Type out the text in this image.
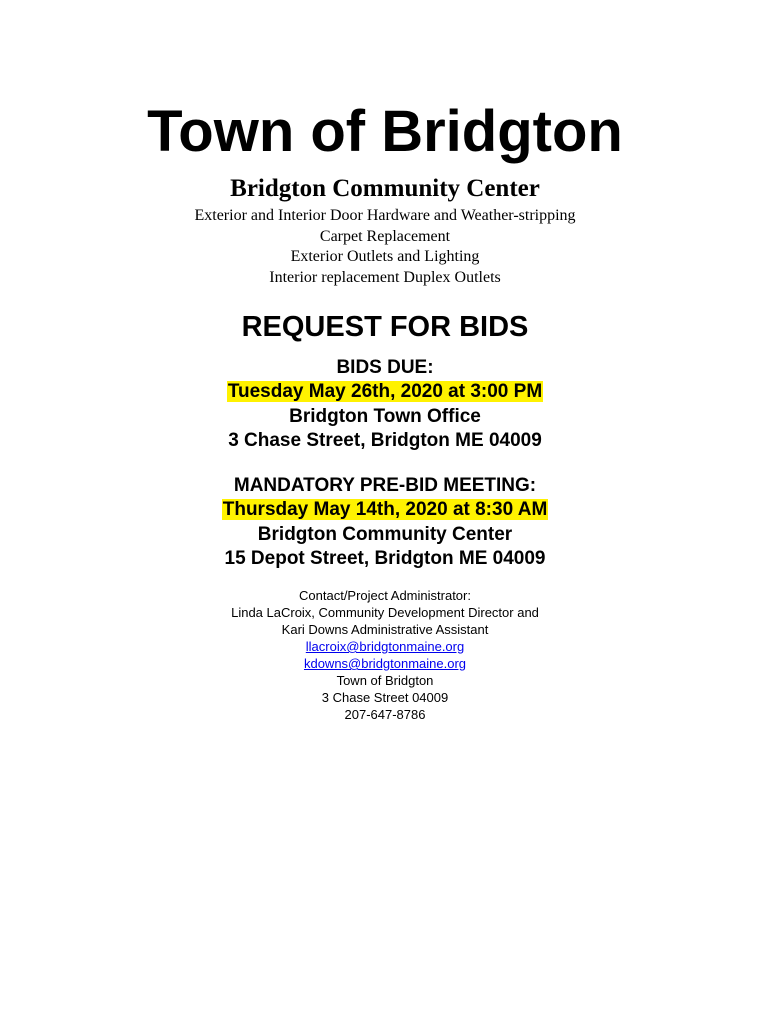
Town of Bridgton
Bridgton Community Center
Exterior and Interior Door Hardware and Weather-stripping
Carpet Replacement
Exterior Outlets and Lighting
Interior replacement Duplex Outlets
REQUEST FOR BIDS
BIDS DUE:
Tuesday May 26th, 2020 at 3:00 PM
Bridgton Town Office
3 Chase Street, Bridgton ME 04009
MANDATORY PRE-BID MEETING:
Thursday May 14th, 2020 at 8:30 AM
Bridgton Community Center
15 Depot Street, Bridgton ME 04009
Contact/Project Administrator:
Linda LaCroix, Community Development Director and
Kari Downs Administrative Assistant
llacroix@bridgtonmaine.org
kdowns@bridgtonmaine.org
Town of Bridgton
3 Chase Street 04009
207-647-8786
